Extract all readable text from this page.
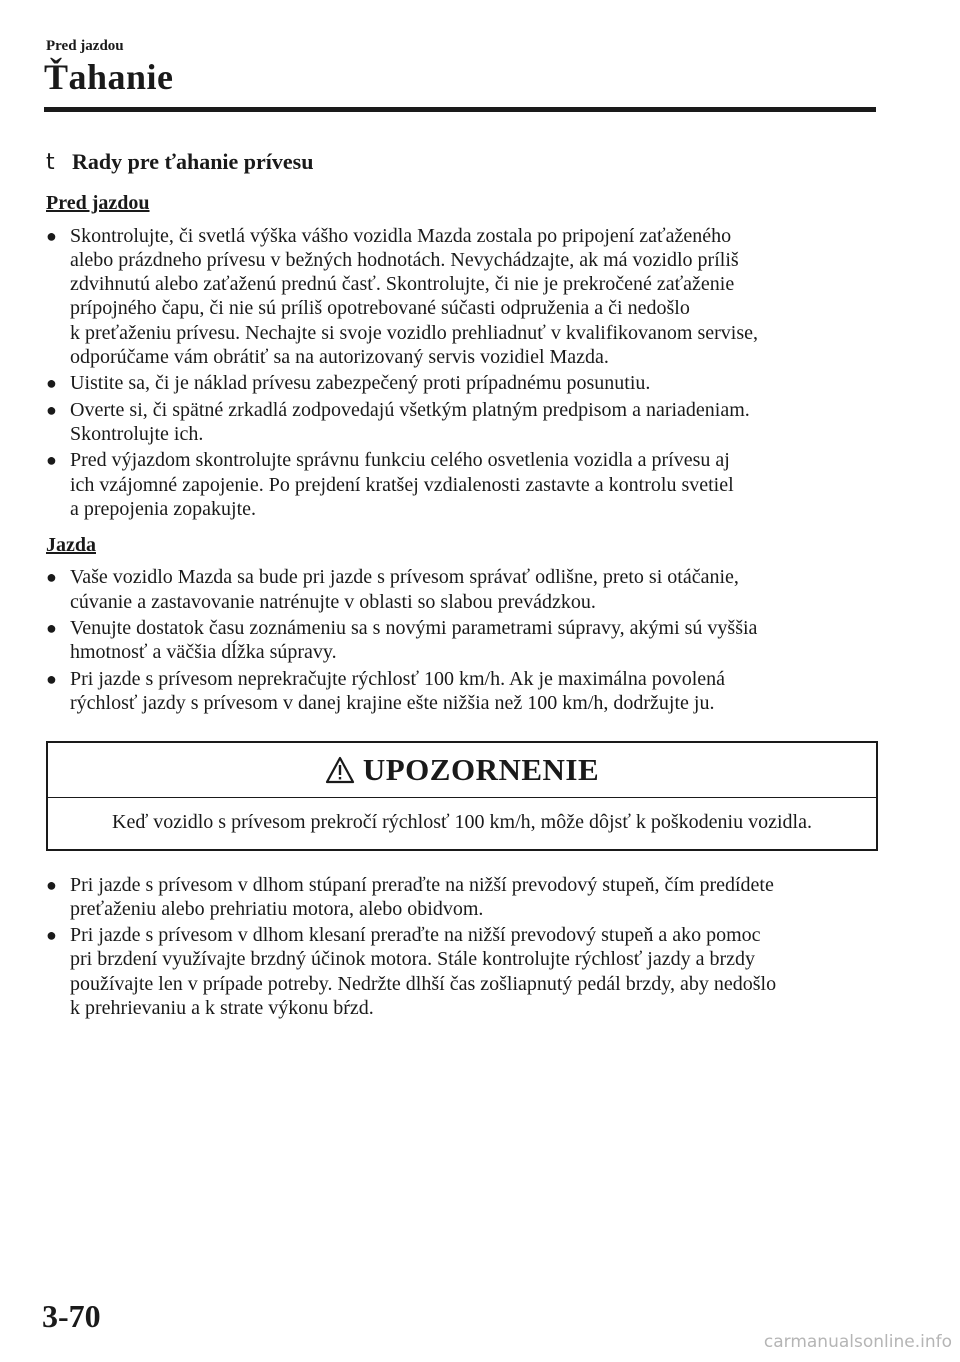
Pred jazdou
Ťahanie
t Rady pre ťahanie prívesu
Pred jazdou
● Skontrolujte, či svetlá výška vášho vozidla Mazda zostala po pripojení zaťaženého
alebo prázdneho prívesu v bežných hodnotách. Nevychádzajte, ak má vozidlo príliš
zdvihnutú alebo zaťaženú prednú časť. Skontrolujte, či nie je prekročené zaťaženie
prípojného čapu, či nie sú príliš opotrebované súčasti odpruženia a či nedošlo
k preťaženiu prívesu. Nechajte si svoje vozidlo prehliadnuť v kvalifikovanom servise,
odporúčame vám obrátiť sa na autorizovaný servis vozidiel Mazda.
● Uistite sa, či je náklad prívesu zabezpečený proti prípadnému posunutiu.
● Overte si, či spätné zrkadlá zodpovedajú všetkým platným predpisom a nariadeniam.
Skontrolujte ich.
● Pred výjazdom skontrolujte správnu funkciu celého osvetlenia vozidla a prívesu aj
ich vzájomné zapojenie. Po prejdení kratšej vzdialenosti zastavte a kontrolu svetiel
a prepojenia zopakujte.
Jazda
● Vaše vozidlo Mazda sa bude pri jazde s prívesom správať odlišne, preto si otáčanie,
cúvanie a zastavovanie natrénujte v oblasti so slabou prevádzkou.
● Venujte dostatok času zoznámeniu sa s novými parametrami súpravy, akými sú vyššia
hmotnosť a väčšia dĺžka súpravy.
● Pri jazde s prívesom neprekračujte rýchlosť 100 km/h. Ak je maximálna povolená
rýchlosť jazdy s prívesom v danej krajine ešte nižšia než 100 km/h, dodržujte ju.
UPOZORNENIE
Keď vozidlo s prívesom prekročí rýchlosť 100 km/h, môže dôjsť k poškodeniu vozidla.
● Pri jazde s prívesom v dlhom stúpaní preraďte na nižší prevodový stupeň, čím predídete
preťaženiu alebo prehriatiu motora, alebo obidvom.
● Pri jazde s prívesom v dlhom klesaní preraďte na nižší prevodový stupeň a ako pomoc
pri brzdení využívajte brzdný účinok motora. Stále kontrolujte rýchlosť jazdy a brzdy
používajte len v prípade potreby. Nedržte dlhší čas zošliapnutý pedál brzdy, aby nedošlo
k prehrievaniu a k strate výkonu bŕzd.
3-70
carmanualsonline.info
